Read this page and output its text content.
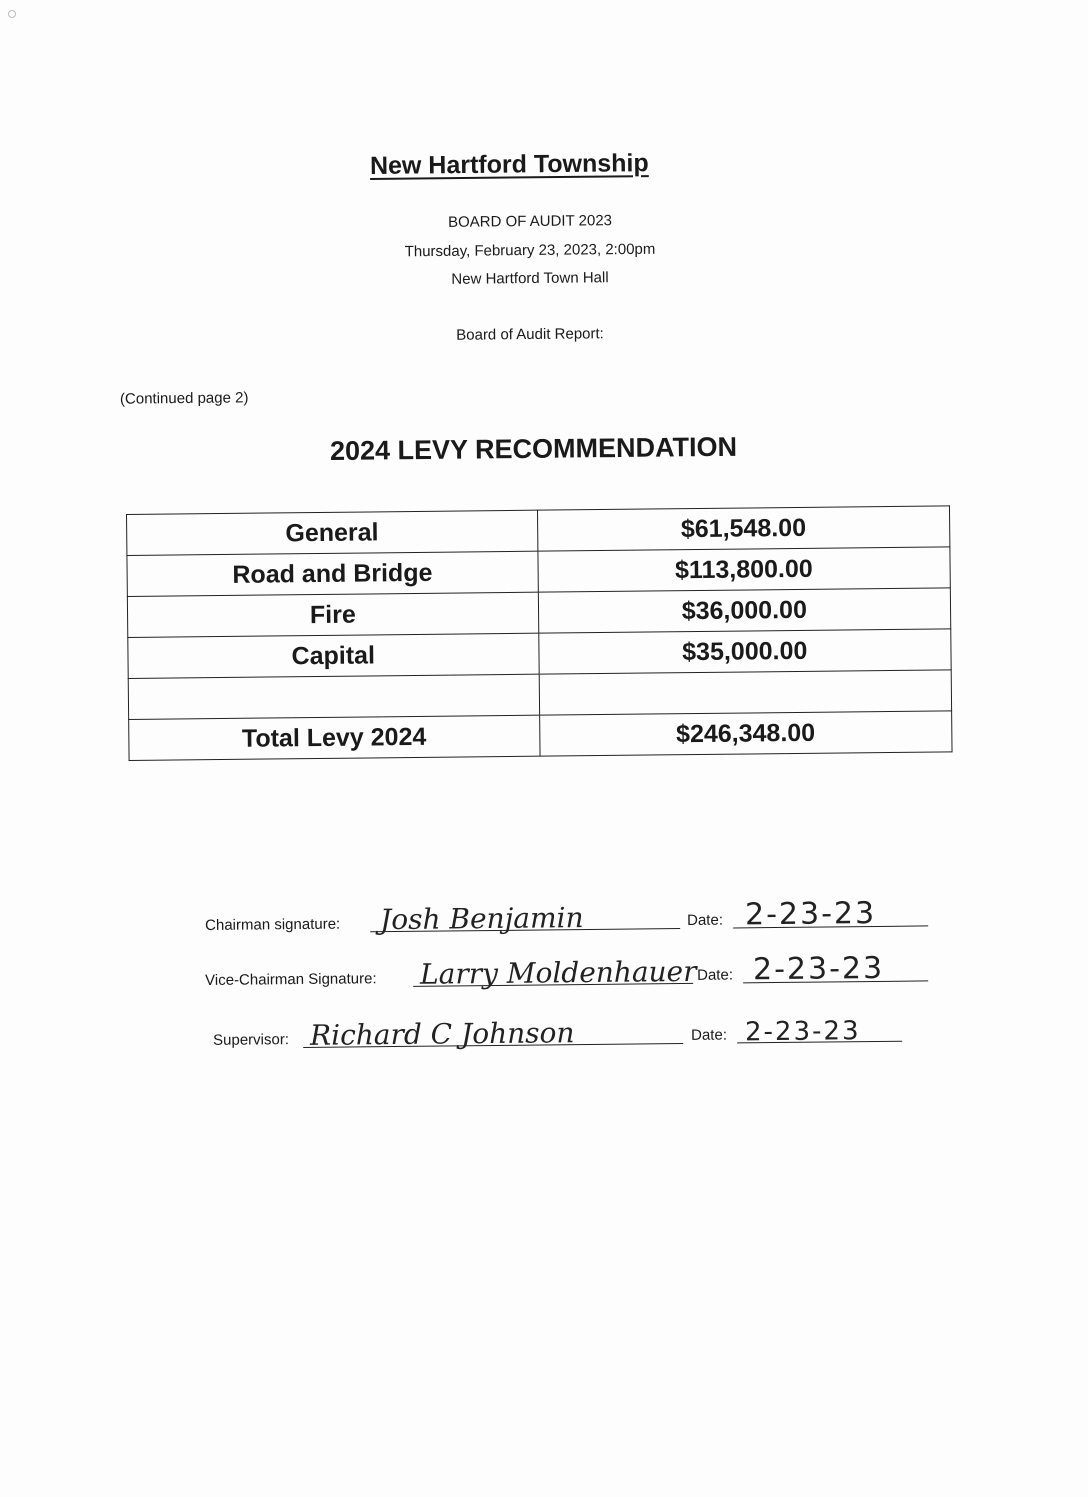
New Hartford Township
BOARD OF AUDIT 2023
Thursday, February 23, 2023, 2:00pm
New Hartford Town Hall
Board of Audit Report:
(Continued page 2)
2024 LEVY RECOMMENDATION
General	$61,548.00
Road and Bridge	$113,800.00
Fire	$36,000.00
Capital	$35,000.00

Total Levy 2024	$246,348.00
Chairman signature: Josh Benjamin	Date: 2-23-23
Vice-Chairman Signature: Larry Moldenhauer Date: 2-23-23
Supervisor: Richard C Johnson	Date: 2-23-23
